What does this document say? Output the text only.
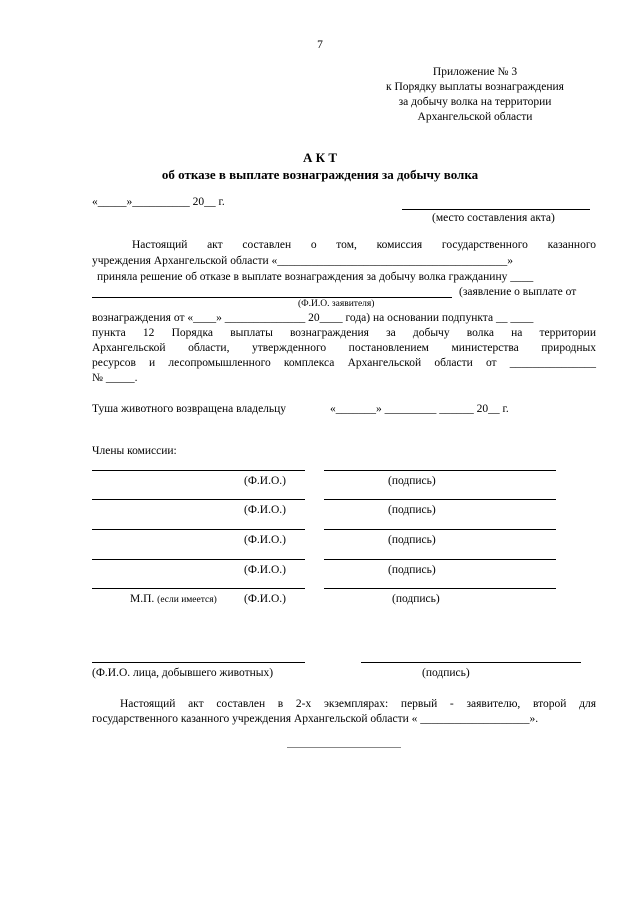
7
Приложение № 3
к Порядку выплаты вознаграждения
за добычу волка на территории
Архангельской области
А К Т
об отказе в выплате вознаграждения за добычу волка
«_____»__________ 20__ г.
(место составления акта)
Настоящий акт составлен о том, комиссия государственного казанного
учреждения Архангельской области «________________________________________»
принялa решение об отказе в выплате вознаграждения за добычу волка гражданину ____
(заявление о выплате от
(Ф.И.О. заявителя)
вознаграждения от «____» ______________ 20____ года) на основании подпункта __ ____
пункта 12 Порядка выплаты вознаграждения за добычу волка на территории
Архангельской области, утвержденного постановлением министерства природных
ресурсов и лесопромышленного комплекса Архангельской области от _______________
№ _____.
Туша животного возвращена владельцу	«_______» _________ ______ 20__ г.
Члены комиссии:
(Ф.И.О.)	(подпись)
(Ф.И.О.)	(подпись)
(Ф.И.О.)	(подпись)
(Ф.И.О.)	(подпись)
М.П. (если имеется) (Ф.И.О.)	(подпись)
(Ф.И.О. лица, добывшего животных)	(подпись)
Настоящий акт составлен в 2-х экземплярах: первый - заявителю, второй для
государственного казанного учреждения Архангельской области « ___________________».
